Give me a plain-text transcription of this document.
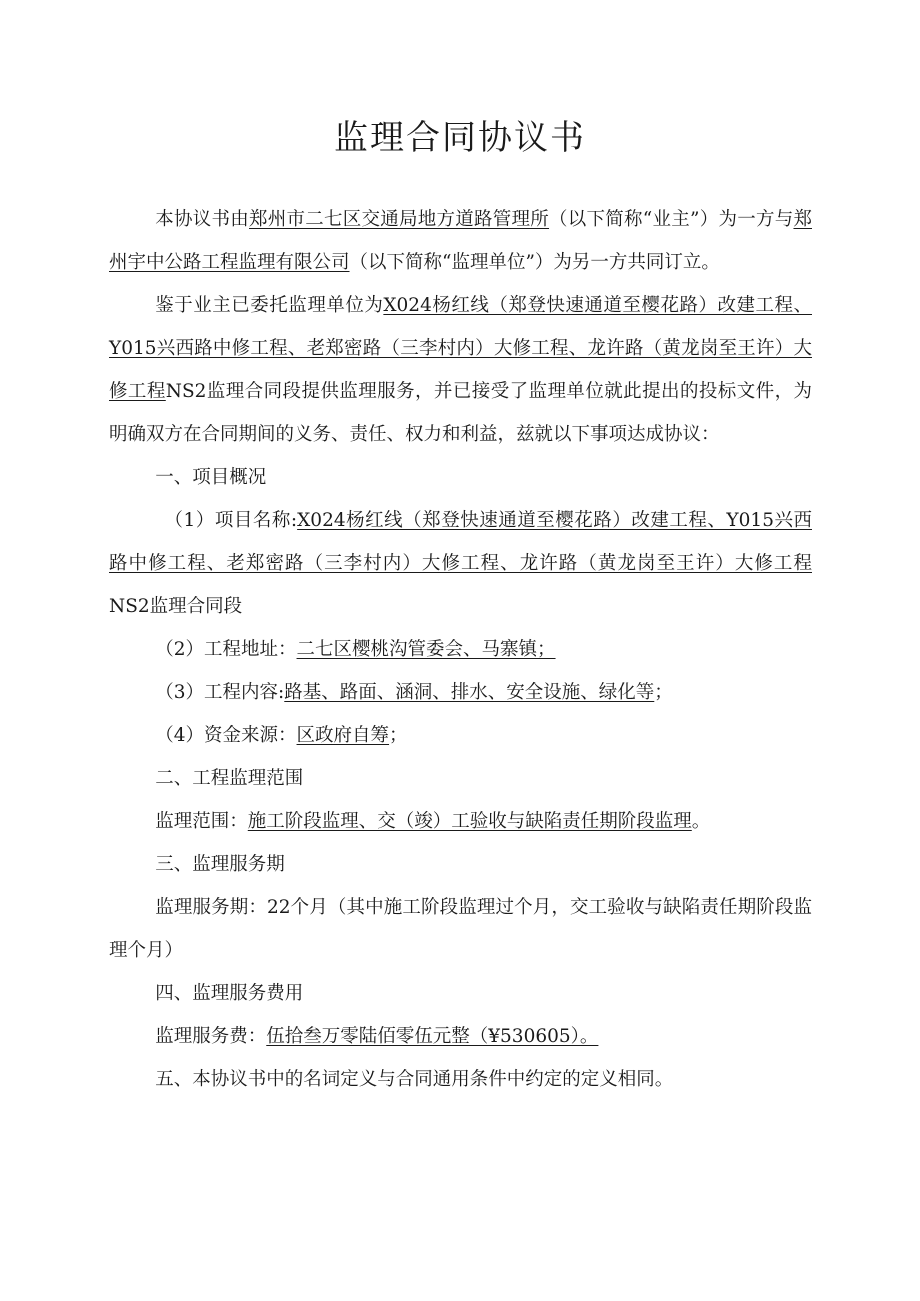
监理合同协议书

本协议书由郑州市二七区交通局地方道路管理所（以下简称“业主”）为一方与郑州宇中公路工程监理有限公司（以下简称“监理单位”）为另一方共同订立。

鉴于业主已委托监理单位为X024杨红线（郑登快速通道至樱花路）改建工程、Y015兴西路中修工程、老郑密路（三李村内）大修工程、龙许路（黄龙岗至王许）大修工程NS2监理合同段提供监理服务，并已接受了监理单位就此提出的投标文件，为明确双方在合同期间的义务、责任、权力和利益，兹就以下事项达成协议：

一、项目概况

（1）项目名称:X024杨红线（郑登快速通道至樱花路）改建工程、Y015兴西路中修工程、老郑密路（三李村内）大修工程、龙许路（黄龙岗至王许）大修工程NS2监理合同段

（2）工程地址：二七区樱桃沟管委会、马寨镇；

（3）工程内容:路基、路面、涵洞、排水、安全设施、绿化等；

（4）资金来源：区政府自筹；

二、工程监理范围

监理范围：施工阶段监理、交（竣）工验收与缺陷责任期阶段监理。

三、监理服务期

监理服务期：22个月（其中施工阶段监理过个月，交工验收与缺陷责任期阶段监理个月）

四、监理服务费用

监理服务费：伍拾叁万零陆佰零伍元整（¥530605）。

五、本协议书中的名词定义与合同通用条件中约定的定义相同。
